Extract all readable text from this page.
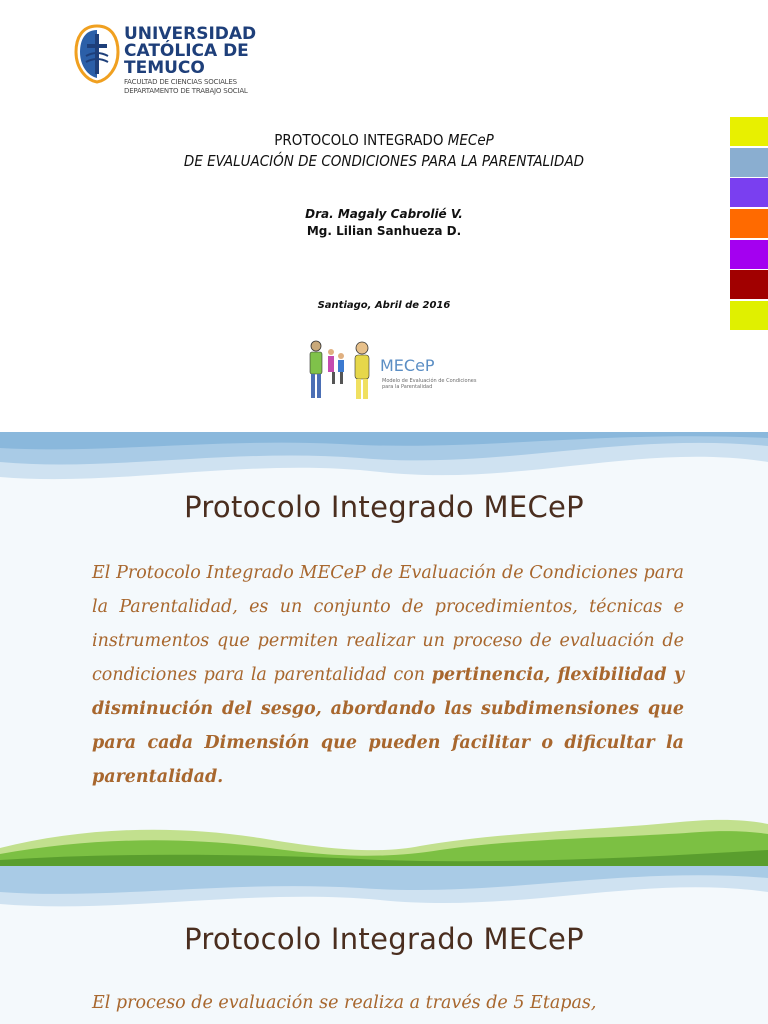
UNIVERSIDAD
CATÓLICA DE
TEMUCO
FACULTAD DE CIENCIAS SOCIALES
DEPARTAMENTO DE TRABAJO SOCIAL
PROTOCOLO INTEGRADO MECeP
DE EVALUACIÓN DE CONDICIONES PARA LA PARENTALIDAD
Dra. Magaly Cabrolié V.
Mg. Lilian Sanhueza D.
Santiago, Abril de 2016
MECeP
Modelo de Evaluación de Condiciones
para la Parentalidad
Protocolo Integrado MECeP
El Protocolo Integrado MECeP de Evaluación de Condiciones para la Parentalidad, es un conjunto de procedimientos, técnicas e instrumentos que permiten realizar un proceso de evaluación de condiciones para la parentalidad con pertinencia, flexibilidad y disminución del sesgo, abordando las subdimensiones que para cada Dimensión que pueden facilitar o dificultar la parentalidad.
Protocolo Integrado MECeP
El proceso de evaluación se realiza a través de 5 Etapas,
